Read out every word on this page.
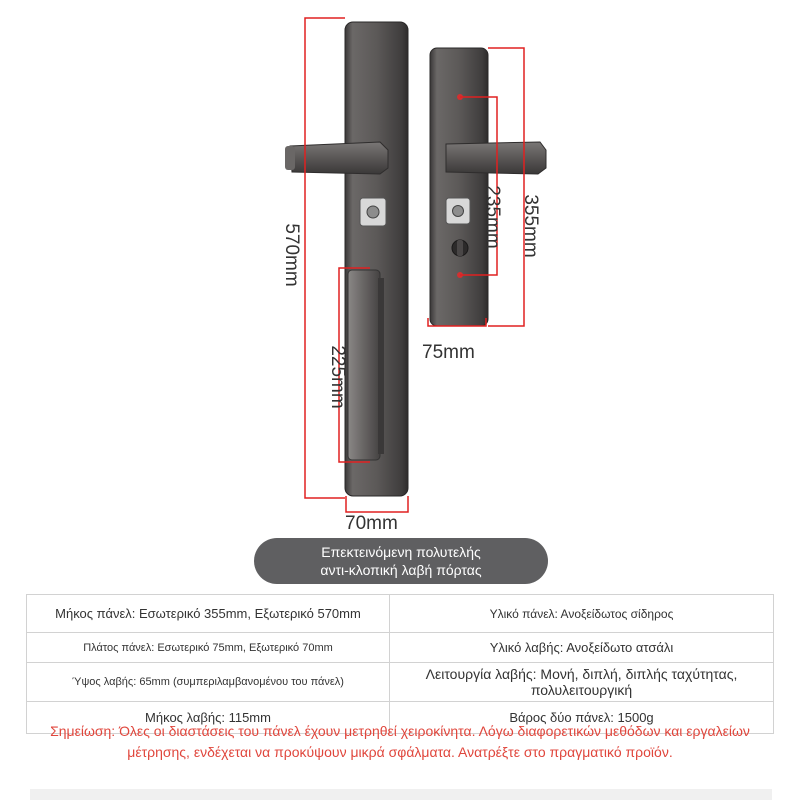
570mm
225mm
70mm
75mm
235mm 355mm
Επεκτεινόμενη πολυτελής
αντι-κλοπική λαβή πόρτας
Μήκος πάνελ: Εσωτερικό 355mm, Εξωτερικό 570mm	Υλικό πάνελ: Ανοξείδωτος σίδηρος
Πλάτος πάνελ: Εσωτερικό 75mm, Εξωτερικό 70mm	Υλικό λαβής: Ανοξείδωτο ατσάλι
Ύψος λαβής: 65mm (συμπεριλαμβανομένου του πάνελ)	Λειτουργία λαβής: Μονή, διπλή, διπλής ταχύτητας, πολυλειτουργική
Μήκος λαβής: 115mm	Βάρος δύο πάνελ: 1500g
Σημείωση: Όλες οι διαστάσεις του πάνελ έχουν μετρηθεί χειροκίνητα. Λόγω διαφορετικών μεθόδων και εργαλείων μέτρησης, ενδέχεται να προκύψουν μικρά σφάλματα. Ανατρέξτε στο πραγματικό προϊόν.
